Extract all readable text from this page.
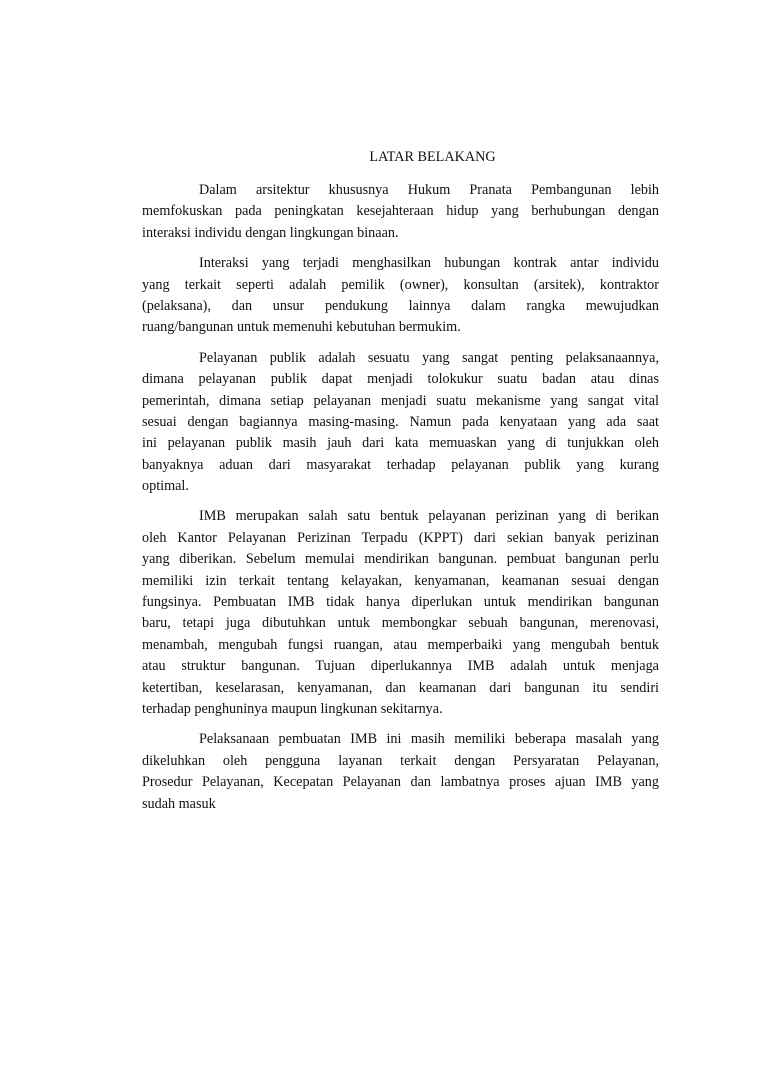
LATAR BELAKANG
Dalam arsitektur khususnya Hukum Pranata Pembangunan lebih
memfokuskan pada peningkatan kesejahteraan hidup yang berhubungan dengan
interaksi individu dengan lingkungan binaan.
Interaksi yang terjadi menghasilkan hubungan kontrak antar individu
yang terkait seperti adalah pemilik (owner), konsultan (arsitek), kontraktor
(pelaksana), dan unsur pendukung lainnya dalam rangka mewujudkan
ruang/bangunan untuk memenuhi kebutuhan bermukim.
Pelayanan publik adalah sesuatu yang sangat penting pelaksanaannya,
dimana pelayanan publik dapat menjadi tolokukur suatu badan atau dinas
pemerintah, dimana setiap pelayanan menjadi suatu mekanisme yang sangat vital
sesuai dengan bagiannya masing-masing. Namun pada kenyataan yang ada saat
ini pelayanan publik masih jauh dari kata memuaskan yang di tunjukkan oleh
banyaknya aduan dari masyarakat terhadap pelayanan publik yang kurang
optimal.
IMB merupakan salah satu bentuk pelayanan perizinan yang di berikan
oleh Kantor Pelayanan Perizinan Terpadu (KPPT) dari sekian banyak perizinan
yang diberikan. Sebelum memulai mendirikan bangunan. pembuat bangunan perlu
memiliki izin terkait tentang kelayakan, kenyamanan, keamanan sesuai dengan
fungsinya. Pembuatan IMB tidak hanya diperlukan untuk mendirikan bangunan
baru, tetapi juga dibutuhkan untuk membongkar sebuah bangunan, merenovasi,
menambah, mengubah fungsi ruangan, atau memperbaiki yang mengubah bentuk
atau struktur bangunan. Tujuan diperlukannya IMB adalah untuk menjaga
ketertiban, keselarasan, kenyamanan, dan keamanan dari bangunan itu sendiri
terhadap penghuninya maupun lingkunan sekitarnya.
Pelaksanaan pembuatan IMB ini masih memiliki beberapa masalah yang
dikeluhkan oleh pengguna layanan terkait dengan Persyaratan Pelayanan,
Prosedur Pelayanan, Kecepatan Pelayanan dan lambatnya proses ajuan IMB yang
sudah masuk
